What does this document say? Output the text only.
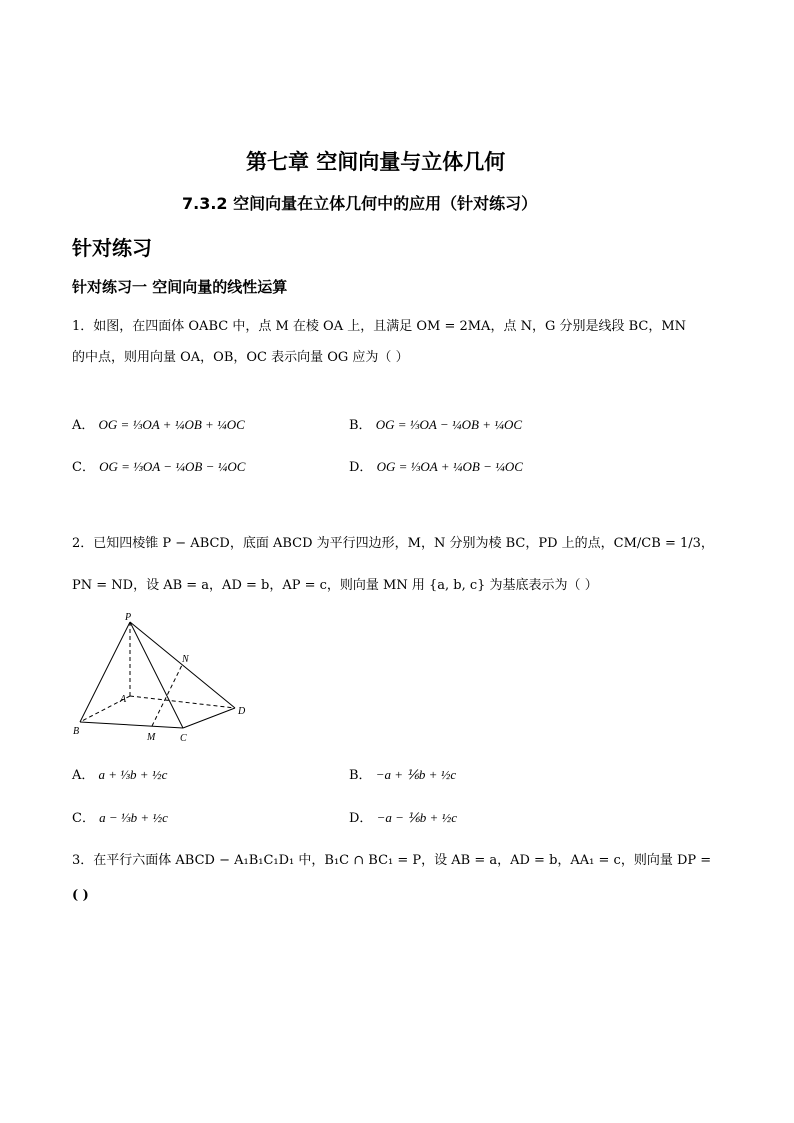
第七章 空间向量与立体几何
7.3.2 空间向量在立体几何中的应用（针对练习）
针对练习
针对练习一 空间向量的线性运算
1．如图，在四面体 OABC 中，点 M 在棱 OA 上，且满足 OM = 2MA，点 N，G 分别是线段 BC，MN
的中点，则用向量 OA，OB，OC 表示向量 OG 应为（ ）
A． OG = ⅓OA + ¼OB + ¼OC	B． OG = ⅓OA − ¼OB + ¼OC
C． OG = ⅓OA − ¼OB − ¼OC	D． OG = ⅓OA + ¼OB − ¼OC
2．已知四棱锥 P − ABCD，底面 ABCD 为平行四边形，M，N 分别为棱 BC，PD 上的点，CM/CB = 1/3，
PN = ND，设 AB = a，AD = b，AP = c，则向量 MN 用 {a, b, c} 为基底表示为（ ）
P
N
A
D
B
M C
A． a + ⅓b + ½c	B． −a + ⅙b + ½c
C． a − ⅓b + ½c	D． −a − ⅙b + ½c
3．在平行六面体 ABCD − A₁B₁C₁D₁ 中，B₁C ∩ BC₁ = P，设 AB = a，AD = b，AA₁ = c，则向量 DP =
( )
